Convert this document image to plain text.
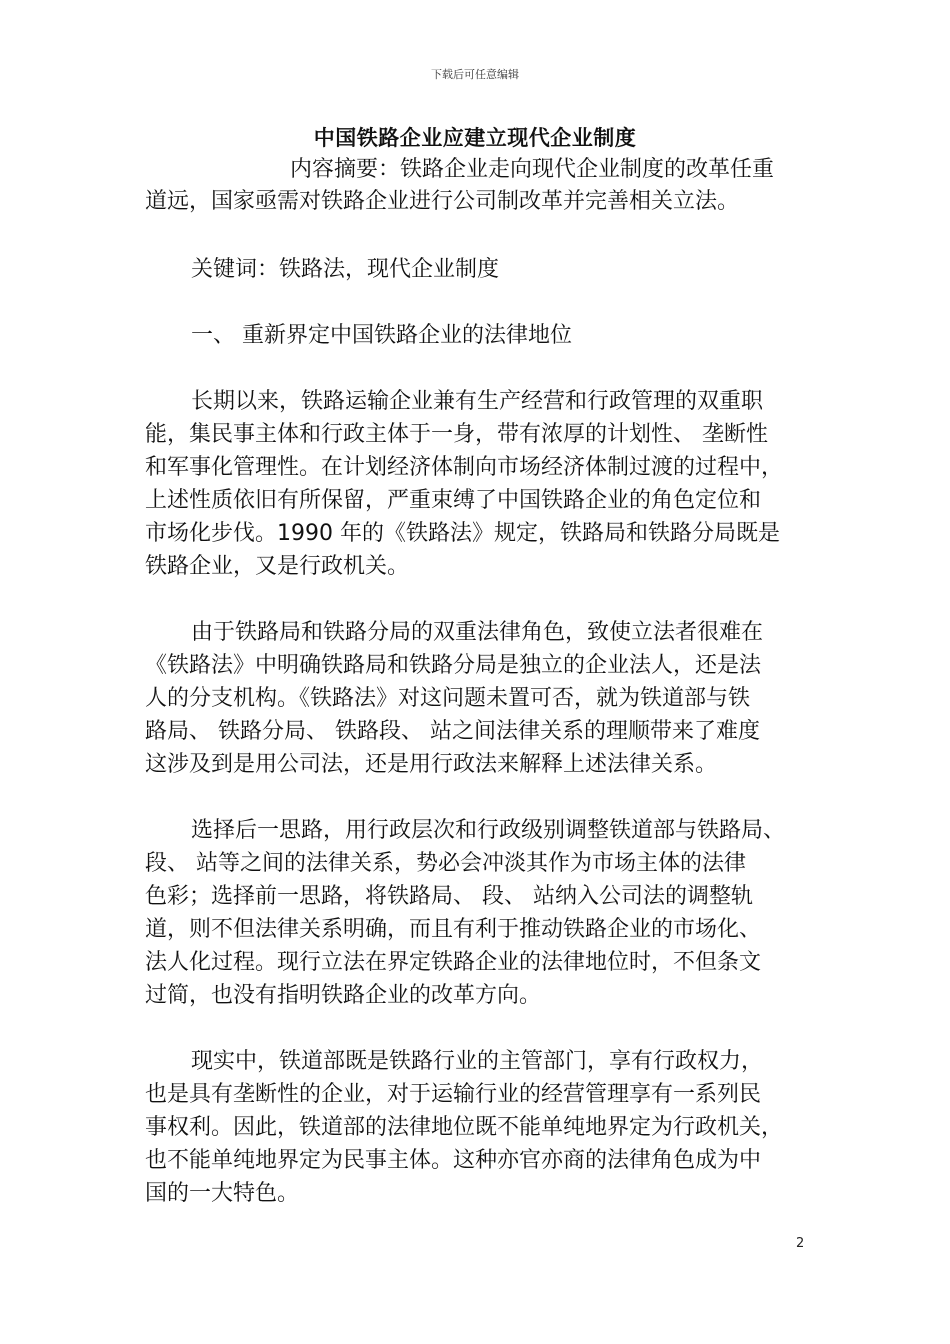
下载后可任意编辑
中国铁路企业应建立现代企业制度
内容摘要：铁路企业走向现代企业制度的改革任重
道远，国家亟需对铁路企业进行公司制改革并完善相关立法。
关键词：铁路法，现代企业制度
一、 重新界定中国铁路企业的法律地位
长期以来，铁路运输企业兼有生产经营和行政管理的双重职
能，集民事主体和行政主体于一身，带有浓厚的计划性、 垄断性
和军事化管理性。在计划经济体制向市场经济体制过渡的过程中，
上述性质依旧有所保留，严重束缚了中国铁路企业的角色定位和
市场化步伐。1990 年的《铁路法》规定，铁路局和铁路分局既是
铁路企业，又是行政机关。
由于铁路局和铁路分局的双重法律角色，致使立法者很难在
《铁路法》中明确铁路局和铁路分局是独立的企业法人，还是法
人的分支机构。《铁路法》对这问题未置可否，就为铁道部与铁
路局、 铁路分局、 铁路段、 站之间法律关系的理顺带来了难度
这涉及到是用公司法，还是用行政法来解释上述法律关系。
选择后一思路，用行政层次和行政级别调整铁道部与铁路局、
段、 站等之间的法律关系，势必会冲淡其作为市场主体的法律
色彩；选择前一思路，将铁路局、 段、 站纳入公司法的调整轨
道，则不但法律关系明确，而且有利于推动铁路企业的市场化、
法人化过程。现行立法在界定铁路企业的法律地位时，不但条文
过简，也没有指明铁路企业的改革方向。
现实中，铁道部既是铁路行业的主管部门，享有行政权力，
也是具有垄断性的企业，对于运输行业的经营管理享有一系列民
事权利。因此，铁道部的法律地位既不能单纯地界定为行政机关，
也不能单纯地界定为民事主体。这种亦官亦商的法律角色成为中
国的一大特色。
2
